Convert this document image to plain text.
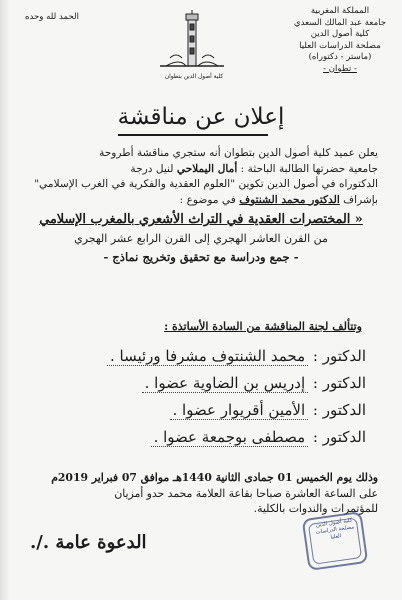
المملكة المغربية
جامعة عبد المالك السعدي
كلية أصول الدين
مصلحة الدراسات العليا
(ماستر - دكتوراه)
- تطوان -
الحمد لله وحده
كلية أصول الدين بتطوان
إعلان عن مناقشة
يعلن عميد كلية أصول الدين بتطوان أنه ستجري مناقشة أطروحة
جامعية حضرتها الطالبة الباحثة : أمال اليملاحي لنيل درجة
الدكتوراه في أصول الدين تكوين "العلوم العقدية والفكرية في الغرب الإسلامي"
بإشراف الدكتور محمد الشنتوف في موضوع :
« المختصرات العقدية في التراث الأشعري بالمغرب الإسلامي
من القرن العاشر الهجري إلى القرن الرابع عشر الهجري
- جمع ودراسة مع تحقيق وتخريج نماذج -
وتتألف لجنة المناقشة من السادة الأساتذة :
الدكتور : محمد الشنتوف مشرفا ورئيسا .
الدكتور : إدريس بن الضاوية عضوا .
الدكتور : الأمين أقريوار عضوا .
الدكتور : مصطفى بوجمعة عضوا .
وذلك يوم الخميس 01 جمادى الثانية 1440هـ موافق 07 فبراير 2019م
على الساعة العاشرة صباحا بقاعة العلامة محمد حدو أمزيان
للمؤتمرات والندوات بالكلية.
كلية أصول الدين مصلحة الدراسات العليا
الدعوة عامة ./.
